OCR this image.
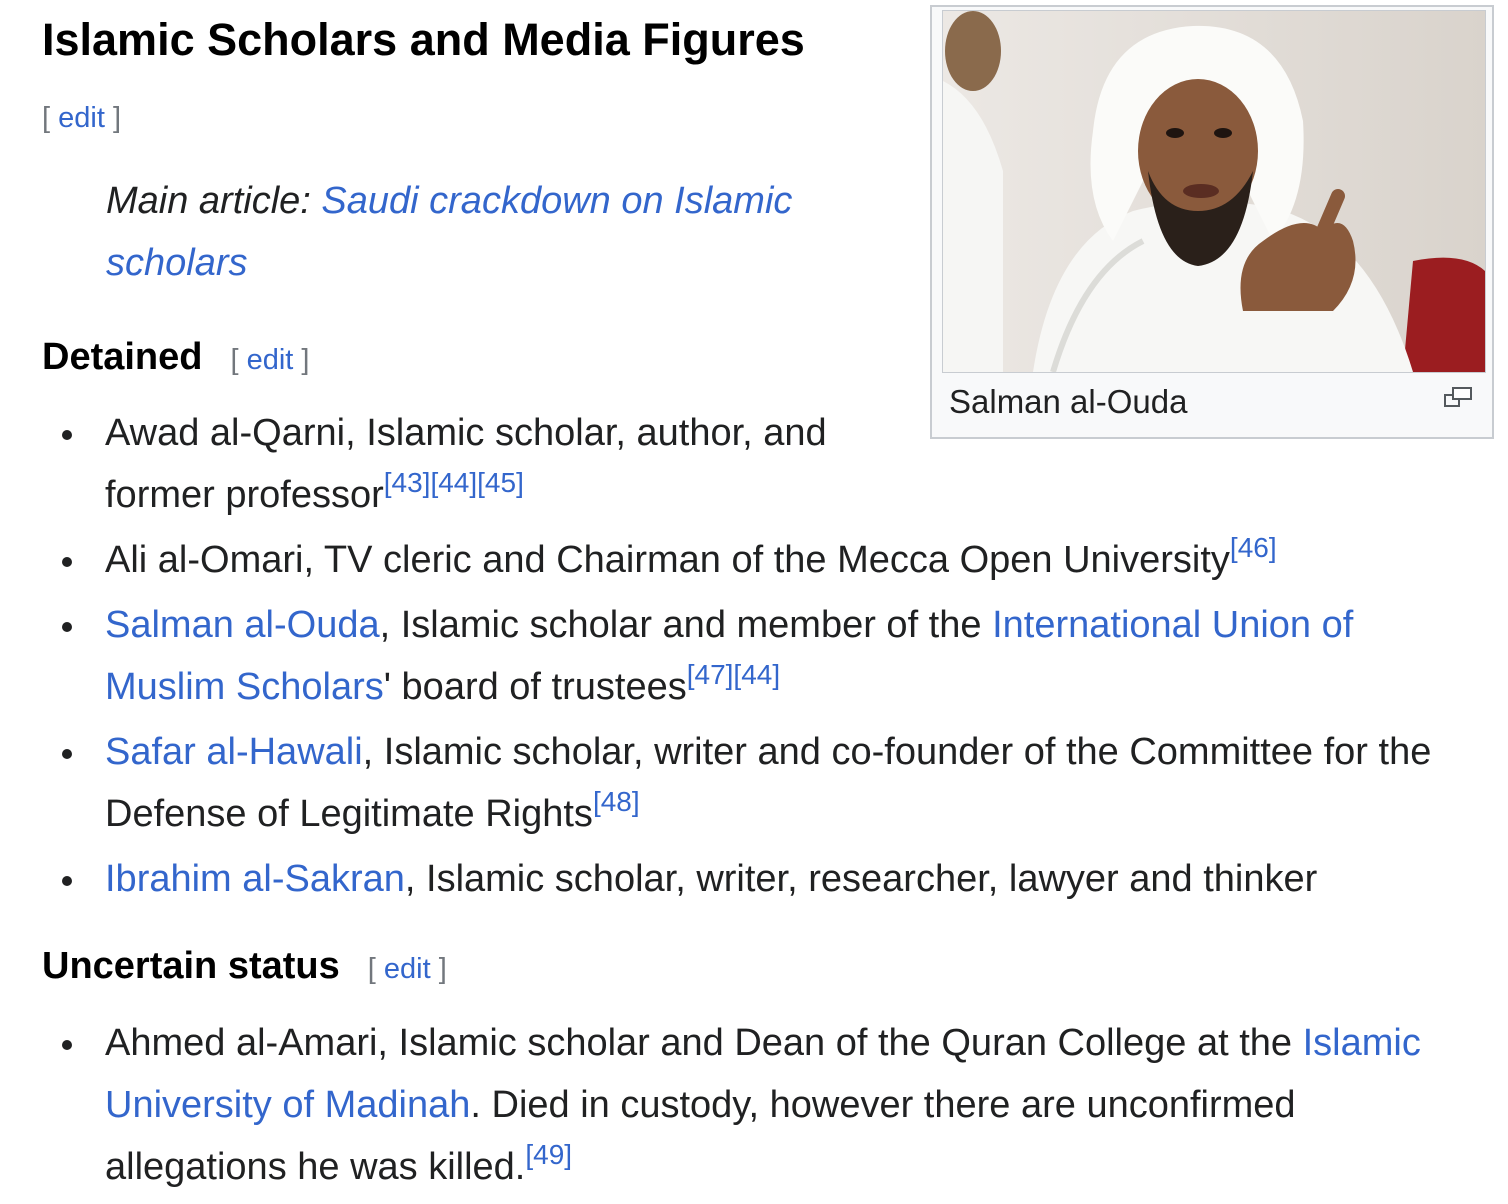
Islamic Scholars and Media Figures
[ edit ]
Main article: Saudi crackdown on Islamic scholars
Salman al-Ouda
Detained [ edit ]
Awad al-Qarni, Islamic scholar, author, and former professor[43][44][45]
Ali al-Omari, TV cleric and Chairman of the Mecca Open University[46]
Salman al-Ouda, Islamic scholar and member of the International Union of Muslim Scholars' board of trustees[47][44]
Safar al-Hawali, Islamic scholar, writer and co-founder of the Committee for the Defense of Legitimate Rights[48]
Ibrahim al-Sakran, Islamic scholar, writer, researcher, lawyer and thinker
Uncertain status [ edit ]
Ahmed al-Amari, Islamic scholar and Dean of the Quran College at the Islamic University of Madinah. Died in custody, however there are unconfirmed allegations he was killed.[49]
